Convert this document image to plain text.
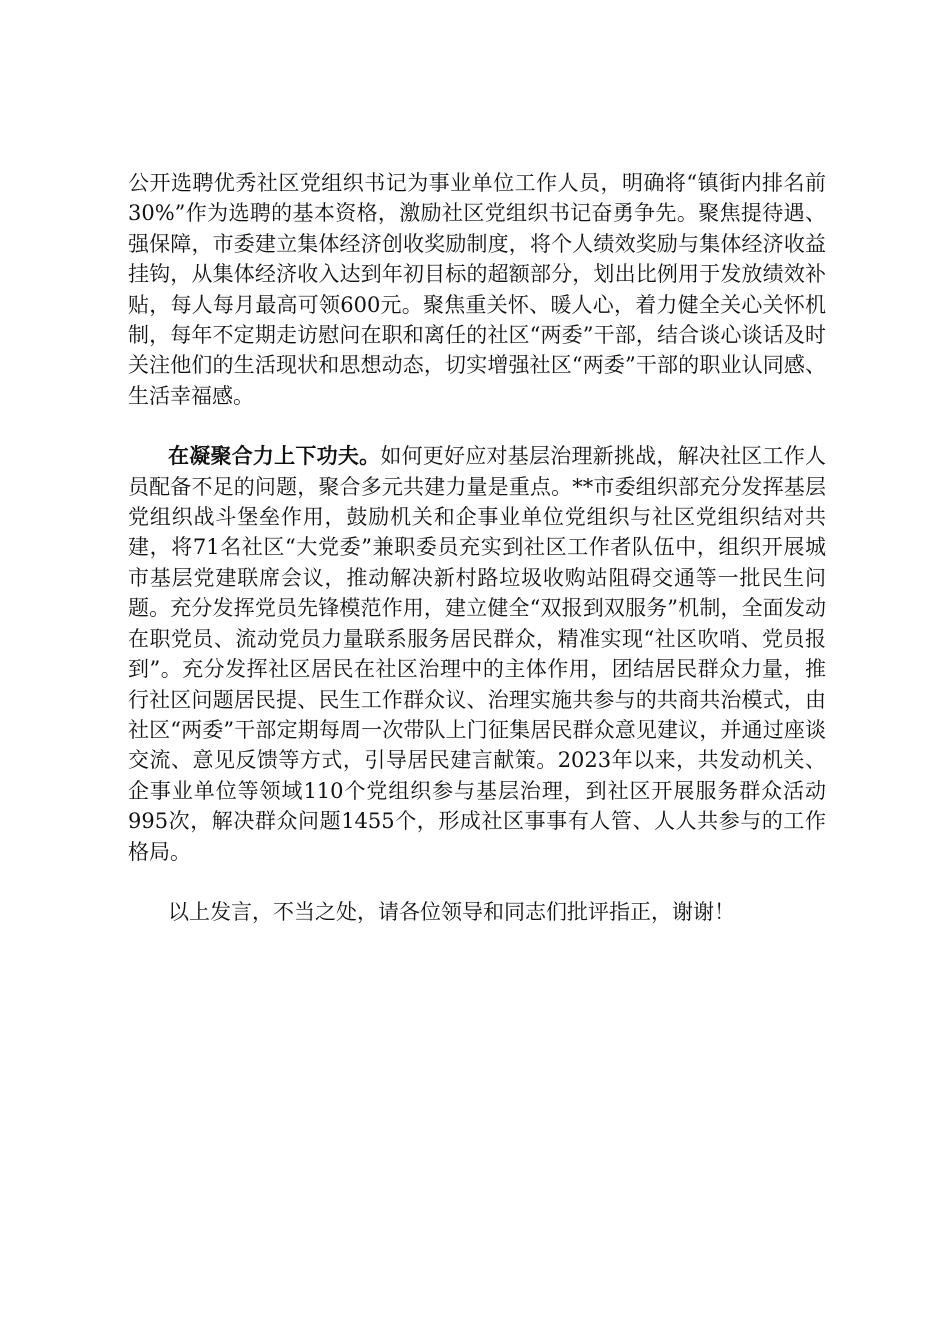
公开选聘优秀社区党组织书记为事业单位工作人员，明确将“镇街内排名前30%”作为选聘的基本资格，激励社区党组织书记奋勇争先。聚焦提待遇、强保障，市委建立集体经济创收奖励制度，将个人绩效奖励与集体经济收益挂钩，从集体经济收入达到年初目标的超额部分，划出比例用于发放绩效补贴，每人每月最高可领600元。聚焦重关怀、暖人心，着力健全关心关怀机制，每年不定期走访慰问在职和离任的社区“两委”干部，结合谈心谈话及时关注他们的生活现状和思想动态，切实增强社区“两委”干部的职业认同感、生活幸福感。

在凝聚合力上下功夫。如何更好应对基层治理新挑战，解决社区工作人员配备不足的问题，聚合多元共建力量是重点。**市委组织部充分发挥基层党组织战斗堡垒作用，鼓励机关和企事业单位党组织与社区党组织结对共建，将71名社区“大党委”兼职委员充实到社区工作者队伍中，组织开展城市基层党建联席会议，推动解决新村路垃圾收购站阻碍交通等一批民生问题。充分发挥党员先锋模范作用，建立健全“双报到双服务”机制，全面发动在职党员、流动党员力量联系服务居民群众，精准实现“社区吹哨、党员报到”。充分发挥社区居民在社区治理中的主体作用，团结居民群众力量，推行社区问题居民提、民生工作群众议、治理实施共参与的共商共治模式，由社区“两委”干部定期每周一次带队上门征集居民群众意见建议，并通过座谈交流、意见反馈等方式，引导居民建言献策。2023年以来，共发动机关、企事业单位等领域110个党组织参与基层治理，到社区开展服务群众活动995次，解决群众问题1455个，形成社区事事有人管、人人共参与的工作格局。

以上发言，不当之处，请各位领导和同志们批评指正，谢谢！
